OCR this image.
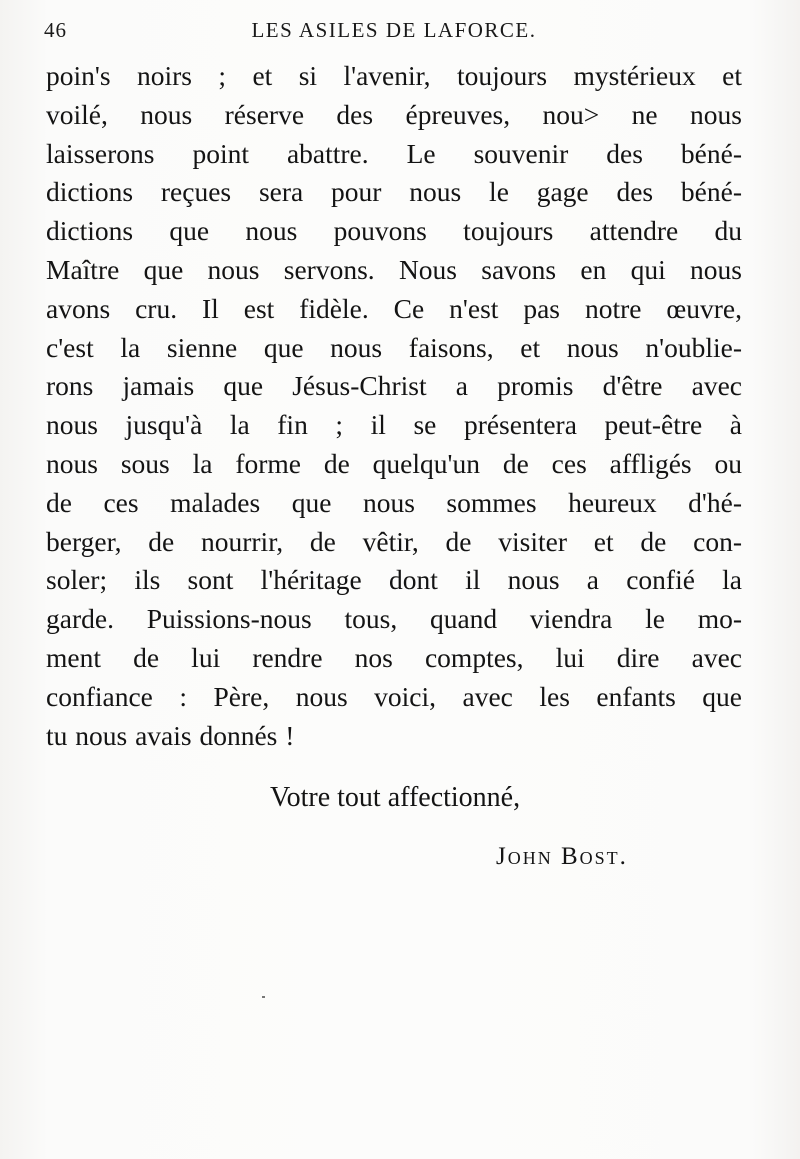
46	LES ASILES DE LAFORCE.
poin's noirs ; et si l'avenir, toujours mystérieux et
voilé, nous réserve des épreuves, nou> ne nous
laisserons point abattre. Le souvenir des béné-
dictions reçues sera pour nous le gage des béné-
dictions que nous pouvons toujours attendre du
Maître que nous servons. Nous savons en qui nous
avons cru. Il est fidèle. Ce n'est pas notre œuvre,
c'est la sienne que nous faisons, et nous n'oublie-
rons jamais que Jésus-Christ a promis d'être avec
nous jusqu'à la fin ; il se présentera peut-être à
nous sous la forme de quelqu'un de ces affligés ou
de ces malades que nous sommes heureux d'hé-
berger, de nourrir, de vêtir, de visiter et de con-
soler; ils sont l'héritage dont il nous a confié la
garde. Puissions-nous tous, quand viendra le mo-
ment de lui rendre nos comptes, lui dire avec
confiance : Père, nous voici, avec les enfants que
tu nous avais donnés !
Votre tout affectionné,
John Bost.
